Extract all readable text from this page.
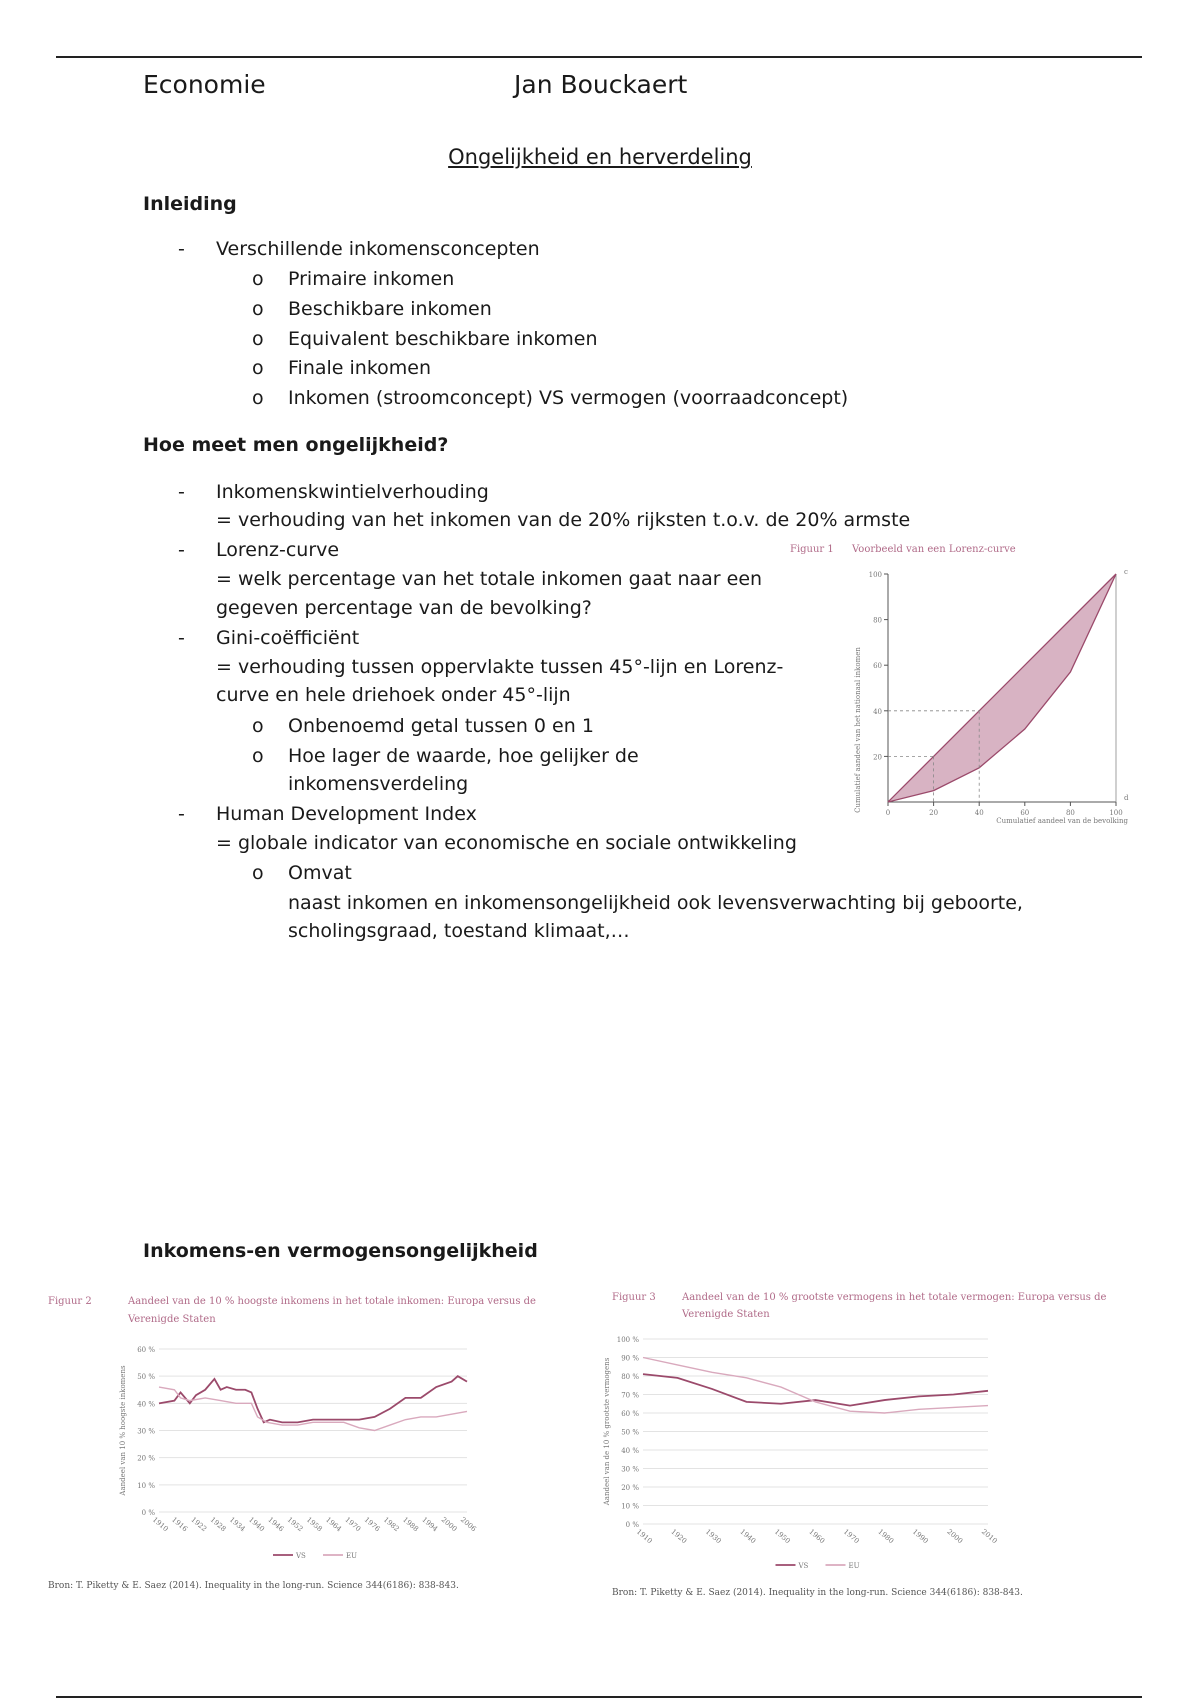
Economie	Jan Bouckaert
Ongelijkheid en herverdeling
Inleiding
- Verschillende inkomensconcepten
o Primaire inkomen
o Beschikbare inkomen
o Equivalent beschikbare inkomen
o Finale inkomen
o Inkomen (stroomconcept) VS vermogen (voorraadconcept)
Hoe meet men ongelijkheid?
- Inkomenskwintielverhouding
= verhouding van het inkomen van de 20% rijksten t.o.v. de 20% armste
- Lorenz-curve
= welk percentage van het totale inkomen gaat naar een
gegeven percentage van de bevolking?
- Gini-coëfficiënt
= verhouding tussen oppervlakte tussen 45°-lijn en Lorenz-
curve en hele driehoek onder 45°-lijn
o Onbenoemd getal tussen 0 en 1
o Hoe lager de waarde, hoe gelijker de
inkomensverdeling
- Human Development Index
= globale indicator van economische en sociale ontwikkeling
o Omvat
naast inkomen en inkomensongelijkheid ook levensverwachting bij geboorte,
scholingsgraad, toestand klimaat,…
Figuur 1 Voorbeeld van een Lorenz-curve
0	20	40	60	80	100
20
40
60
80
100
Cumulatief aandeel van het nationaal inkomen
Cumulatief aandeel van de bevolking
c
d
Inkomens-en vermogensongelijkheid
Figuur 2	Aandeel van de 10 % hoogste inkomens in het totale inkomen: Europa versus de
Verenigde Staten
0 %
10 %
20 %
30 %
40 %
50 %
60 %
1910 1916 1922 1928 1934 1940 1946 1952 1958 1964 1970 1976 1982 1988 1994 2000 2006
Aandeel van 10 % hoogste inkomens
VS	EU
Bron: T. Piketty & E. Saez (2014). Inequality in the long-run. Science 344(6186): 838-843.
Figuur 3	Aandeel van de 10 % grootste vermogens in het totale vermogen: Europa versus de
Verenigde Staten
0 %
10 %
20 %
30 %
40 %
50 %
60 %
70 %
80 %
90 %
100 %
1910 1920 1930 1940 1950 1960 1970 1980 1990 2000 2010
Aandeel van de 10 % grootste vermogens
VS	EU
Bron: T. Piketty & E. Saez (2014). Inequality in the long-run. Science 344(6186): 838-843.
